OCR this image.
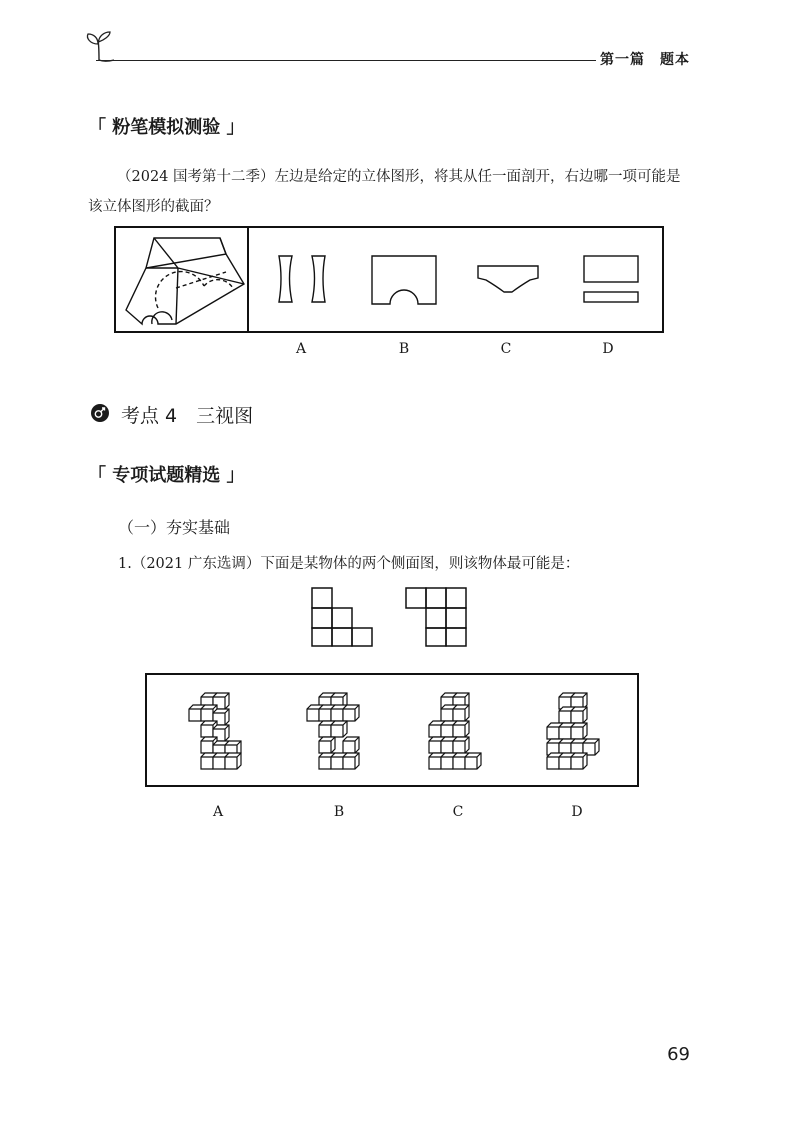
第一篇　题本
「 粉笔模拟测验 」
（2024 国考第十二季）左边是给定的立体图形，将其从任一面剖开，右边哪一项可能是该立体图形的截面？
A	B	C	D
考点 4　三视图
「 专项试题精选 」
（一）夯实基础
1.（2021 广东选调）下面是某物体的两个侧面图，则该物体最可能是：
A	B	C	D
69
